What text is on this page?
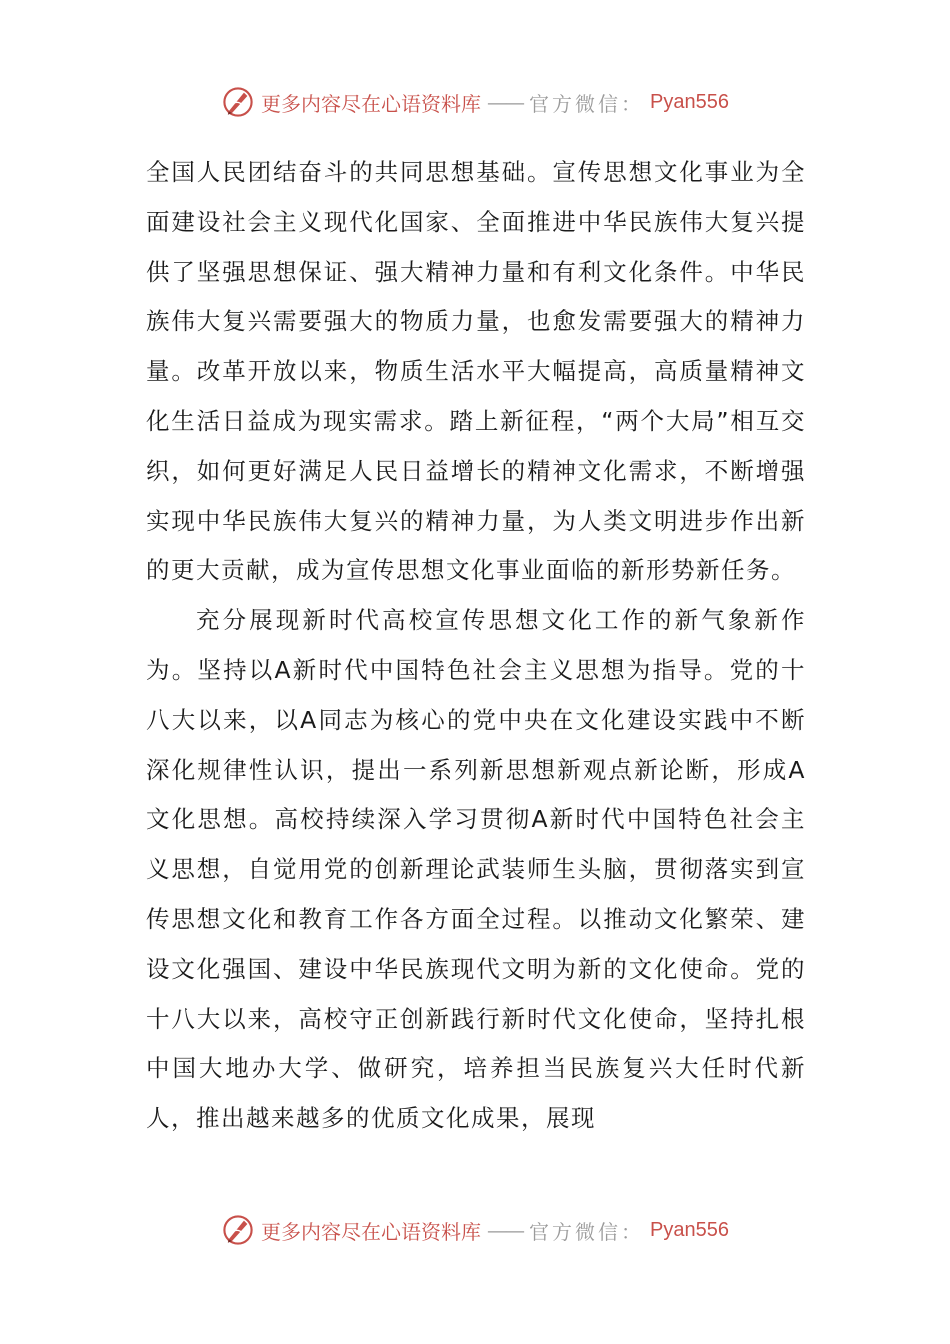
更多内容尽在心语资料库 —— 官方微信： Pyan556

全国人民团结奋斗的共同思想基础。宣传思想文化事业为全面建设社会主义现代化国家、全面推进中华民族伟大复兴提供了坚强思想保证、强大精神力量和有利文化条件。中华民族伟大复兴需要强大的物质力量，也愈发需要强大的精神力量。改革开放以来，物质生活水平大幅提高，高质量精神文化生活日益成为现实需求。踏上新征程，“两个大局”相互交织，如何更好满足人民日益增长的精神文化需求，不断增强实现中华民族伟大复兴的精神力量，为人类文明进步作出新的更大贡献，成为宣传思想文化事业面临的新形势新任务。

充分展现新时代高校宣传思想文化工作的新气象新作为。坚持以A新时代中国特色社会主义思想为指导。党的十八大以来，以A同志为核心的党中央在文化建设实践中不断深化规律性认识，提出一系列新思想新观点新论断，形成A文化思想。高校持续深入学习贯彻A新时代中国特色社会主义思想，自觉用党的创新理论武装师生头脑，贯彻落实到宣传思想文化和教育工作各方面全过程。以推动文化繁荣、建设文化强国、建设中华民族现代文明为新的文化使命。党的十八大以来，高校守正创新践行新时代文化使命，坚持扎根中国大地办大学、做研究，培养担当民族复兴大任时代新人，推出越来越多的优质文化成果，展现

更多内容尽在心语资料库 —— 官方微信： Pyan556
